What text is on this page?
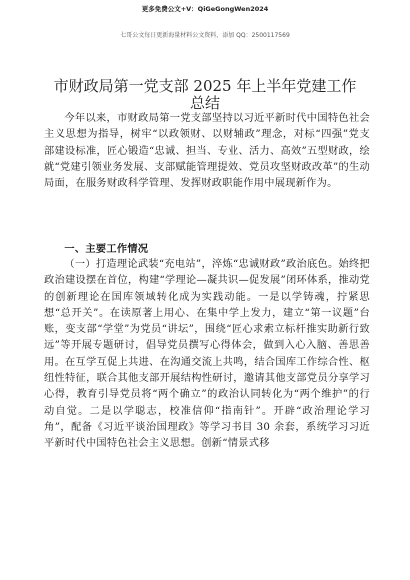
更多免费公文+V：QiGeGongWen2024
七哥公文每日更新海量材料公文资料，添加 QQ：2500117569
市财政局第一党支部 2025 年上半年党建工作
总结

今年以来，市财政局第一党支部坚持以习近平新时代中国特色社会主义思想为指导，树牢“以政领财、以财辅政”理念，对标“四强”党支部建设标准，匠心锻造“忠诚、担当、专业、活力、高效”五型财政，绘就“党建引领业务发展、支部赋能管理提效、党员攻坚财政改革”的生动局面，在服务财政科学管理、发挥财政职能作用中展现新作为。

一、主要工作情况

（一）打造理论武装“充电站”，淬炼“忠诚财政”政治底色。始终把政治建设摆在首位，构建“学理论—凝共识—促发展”闭环体系，推动党的创新理论在国库领域转化成为实践动能。一是以学铸魂，拧紧思想“总开关”。在读原著上用心、在集中学上发力，建立“第一议题”台账，变支部“学堂”为党员“讲坛”，围绕“匠心求索立标杆推实助新行致远”等开展专题研讨，倡导党员撰写心得体会，做到入心入脑、善思善用。在互学互促上共进、在沟通交流上共鸣，结合国库工作综合性、枢纽性特征，联合其他支部开展结构性研讨，邀请其他支部党员分享学习心得，教育引导党员将“两个确立”的政治认同转化为“两个维护”的行动自觉。二是以学聪志，校准信仰“指南针”。开辟“政治理论学习角”，配备《习近平谈治国理政》等学习书目 30 余套，系统学习习近平新时代中国特色社会主义思想。创新“情景式移
